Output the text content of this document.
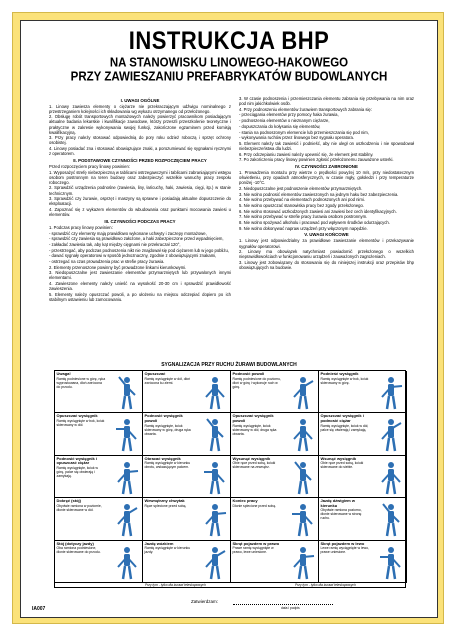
INSTRUKCJA BHP
NA STANOWISKU LINOWEGO-HAKOWEGO
PRZY ZAWIESZANIU PREFABRYKATÓW BUDOWLANYCH
I. UWAGI OGÓLNE
1. Linowy zawiesza elementy o ciężarze nie przekraczającym udźwigu nominalnego z przestrzeganiem kolejności ich składowania wg wykazu otrzymanego od przełożonego.
2. Obsługę robót transportowych montażowych należy powierzyć pracownikom posiadającym aktualne badania lekarskie i kwalifikacje zawodowe, którzy przeszli przeszkolenie teoretyczne i praktyczne w zakresie wykonywania swojej funkcji, zakończone egzaminem przed komisją kwalifikacyjną.
3. Przy pracy należy stosować odpowiednią do pory roku odzież roboczą i sprzęt ochrony osobistej.
4. Linowy posiadać zna i stosować obowiązujące znaki, a porozumiewać się sygnałami ręcznymi z operatorem.
II. PODSTAWOWE CZYNNOŚCI PRZED ROZPOCZĘCIEM PRACY
Przed rozpoczęciem pracy linowy powinien:
1. Wyposażyć strefę niebezpieczną w tablicami ostrzegawczymi i tablicami zabraniającymi wstępu osobom postronnym na teren budowy oraz zabezpieczyć wszelkie wanuchy pracy zespołu roboczego.
2. Sprawdzić urządzenia podnośne (zawiesia, liny, łańcuchy, haki, zawiesia, cięgi, itp.) w stanie technicznym.
3. Sprawdzić czy żurawie, osprzęt i maszyny są sprawne i posiadają aktualne dopuszczenie do eksploatacji.
4. Zapoznać się z wykazem elementów do wbudowania oraz punktami mocowania zawiesi u elementów.
III. CZYNNOŚCI PODCZAS PRACY
1. Podczas pracy linowy powinien:
- sprawdzić czy elementy mają prawidłowo wykonane uchwyty i zaczepy montażowe,
- sprawdzić czy zawiesia są prawidłowo założone, a haki zabezpieczone przed wypadnięciem,
- zakładać zawiesia tak, aby kąt między cięgnami nie przekraczał 120°,
- przestrzegać, aby podczas podnoszenia nikt nie znajdował się pod ciężarem lub w jego pobliżu,
- dawać sygnały operatorowi w sposób jednoznaczny, zgodnie z obowiązującymi znakami,
- ostrzegać na czas prowadzenia prac w strefie pracy żurawia.
2. Elementy przenoszone powinny być prowadzone linkami kierunkowymi.
3. Niedopuszczalne jest zawieszanie elementów przymarzniętych lub przywalonych innymi elementami.
4. Zawieszone elementy należy unieść na wysokość 20-30 cm i sprawdzić prawidłowość zawieszenia.
5. Elementy należy opuszczać powoli, a po ułożeniu na miejscu odczepiać dopiero po ich stabilnym ustawieniu lub zamocowaniu.
3. W czasie podnoszenia i przemieszczania elementu zabrania się przebywania na nim oraz pod nim jakichkolwiek osób.
4. Przy podnoszeniu elementów żurawiem transportowych zabrania się:
- przeciągania elementów przy pomocy haka żurawia,
- podnoszenia elementów o nieznanym ciężarze,
- dopuszczania do kołysania się elementów,
- stania na podnoszonym elemencie lub przemieszczania się pod nim,
- wykonywania ruchów przez linowego bez sygnału operatora.
5. Element należy tak zawiesić i podnieść, aby nie uległ on uszkodzeniu i nie spowodował niebezpieczeństwa dla ludzi.
6. Przy odczepianiu zawiesi należy upewnić się, że element jest stabilny.
7. Po zakończeniu pracy linowy powinien zgłosić przełożonemu zauważone usterki.
IV. CZYNNOŚCI ZABRONIONE
1. Prowadzenia montażu przy wietrze o prędkości powyżej 10 m/s, przy niedostatecznym oświetleniu, przy opadach atmosferycznych, w czasie mgły, gołoledzi i przy temperaturze poniżej -10°C.
2. Niedopuszczalne jest podnoszenie elementów przymarzniętych.
3. Nie wolno podnosić elementów zawieszonych na jednym haku bez zabezpieczenia.
4. Nie wolno przebywać na elementach podnoszonych ani pod nimi.
5. Nie wolno opuszczać stanowiska pracy bez zgody przełożonego.
6. Nie wolno stosować uszkodzonych zawiesi ani zawiesi bez cech identyfikacyjnych.
7. Nie wolno przebywać w strefie pracy żurawia osobom postronnym.
8. Nie wolno spożywać alkoholu i pracować pod wpływem środków odurzających.
9. Nie wolno dokonywać napraw urządzeń przy włączonym napędzie.
V. UWAGI KOŃCOWE
1. Linowy jest odpowiedzialny za prawidłowe zawieszanie elementów i przekazywanie sygnałów operatorowi.
2. Linowy ma obowiązek natychmiast powiadomić przełożonego o wszelkich nieprawidłowościach w funkcjonowaniu urządzeń i zauważonych zagrożeniach.
3. Linowy jest zobowiązany do stosowania się do niniejszej instrukcji oraz przepisów bhp obowiązujących na budowie.
SYGNALIZACJA PRZY RUCHU ŻURAWI BUDOWLANYCH
Uwaga!
Ramię podniesione w górę, ręka wyprostowana, dłoń zwrócona do przodu.
Opuszczać
Ramię wyciągnięte w dół, dłoń zwrócona ku ziemi.
Podnosić powoli
Ramię podniesione do poziomu, dłoń w górę i wykonuje ruch w górę.
Podnieść wysięgnik
Ramię wyciągnięte w bok, kciuk skierowany w górę.
Opuszczać wysięgnik
Ramię wyciągnięte w bok, kciuk skierowany w dół.
Podnosić wysięgnik powoli
Ramię wyciągnięte, kciuk skierowany w górę, druga ręka otwarta.
Opuszczać wysięgnik powoli
Ramię wyciągnięte, kciuk skierowany w dół, druga ręka otwarta.
Opuszczać wysięgnik i podnosić ciężar
Ramię wyciągnięte, kciuk w dół, palce się otwierają i zamykają.
Podnosić wysięgnik i opuszczać ciężar
Ramię wyciągnięte, kciuk w górę, palce się otwierają i zamykają.
Obracać wysięgnik
Ramię wyciągnięte w kierunku obrotu, wskazującym palcem.
Wysunąć wysięgnik
Obie ręce przed sobą, kciuki skierowane na zewnątrz.
Wsunąć wysięgnik
Obie ręce przed sobą, kciuki skierowane do siebie.
Dokręć (stój)
Obydwie ramiona w poziomie, dłonie skierowane w dół.
Wewnętrzny chwytak
Ręce splecione przed sobą.
Koniec pracy
Dłonie splecione przed sobą.
Jazdę dźwigiem w kierunku
Obydwie ramiona poziomo, dłonie skierowane w stronę ruchu.
Stój (dotyczy jazdy)
Oba ramiona podniesione, dłonie skierowane do przodu.
Jazdę wózkiem
Ramię wyciągnięte w kierunku jazdy.
Skręt pojazdem w prawo
Prawe ramię wyciągnięte w prawo, lewe uniesione.
Skręt pojazdem w lewo
Lewe ramię wyciągnięte w lewo, prawe uniesione.
Przy tym - tylko dla żurawi teleskopowych	Przy tym - tylko dla żurawi teleskopowych
Zatwierdzam:
data i podpis
IA007
